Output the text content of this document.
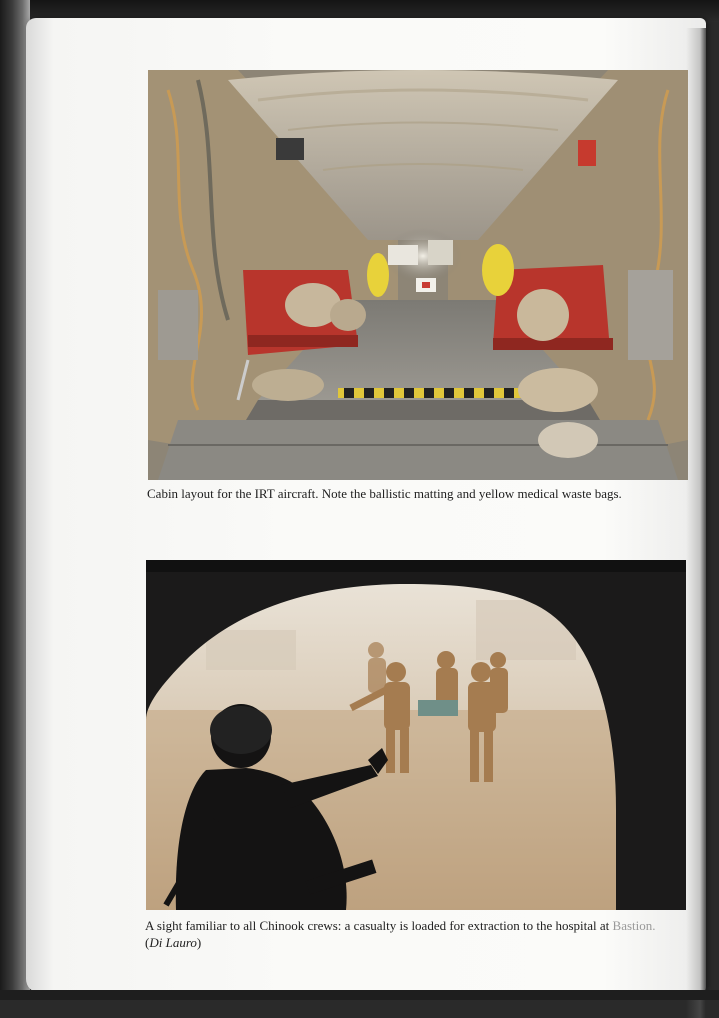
Cabin layout for the IRT aircraft. Note the ballistic matting and yellow medical waste bags.
A sight familiar to all Chinook crews: a casualty is loaded for extraction to the hospital at Bastion.
(Di Lauro)
